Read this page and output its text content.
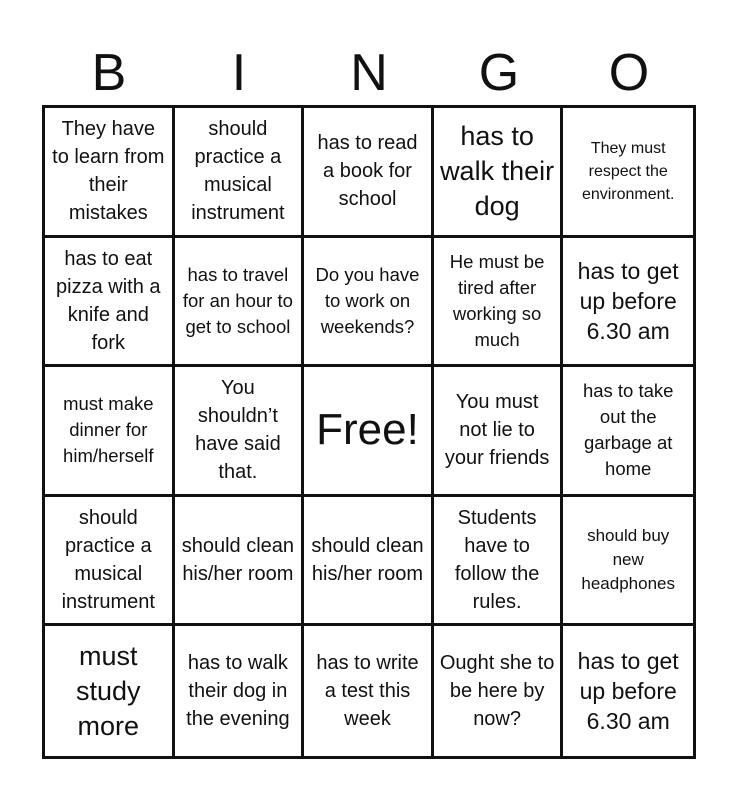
B	I	N	G	O
They have to learn from their mistakes
should practice a musical instrument
has to read a book for school
has to walk their dog
They must respect the environment.
has to eat pizza with a knife and fork
has to travel for an hour to get to school
Do you have to work on weekends?
He must be tired after working so much
has to get up before 6.30 am
must make dinner for him/herself
You shouldn’t have said that.
Free!
You must not lie to your friends
has to take out the garbage at home
should practice a musical instrument
should clean his/her room
should clean his/her room
Students have to follow the rules.
should buy new headphones
must study more
has to walk their dog in the evening
has to write a test this week
Ought she to be here by now?
has to get up before 6.30 am
